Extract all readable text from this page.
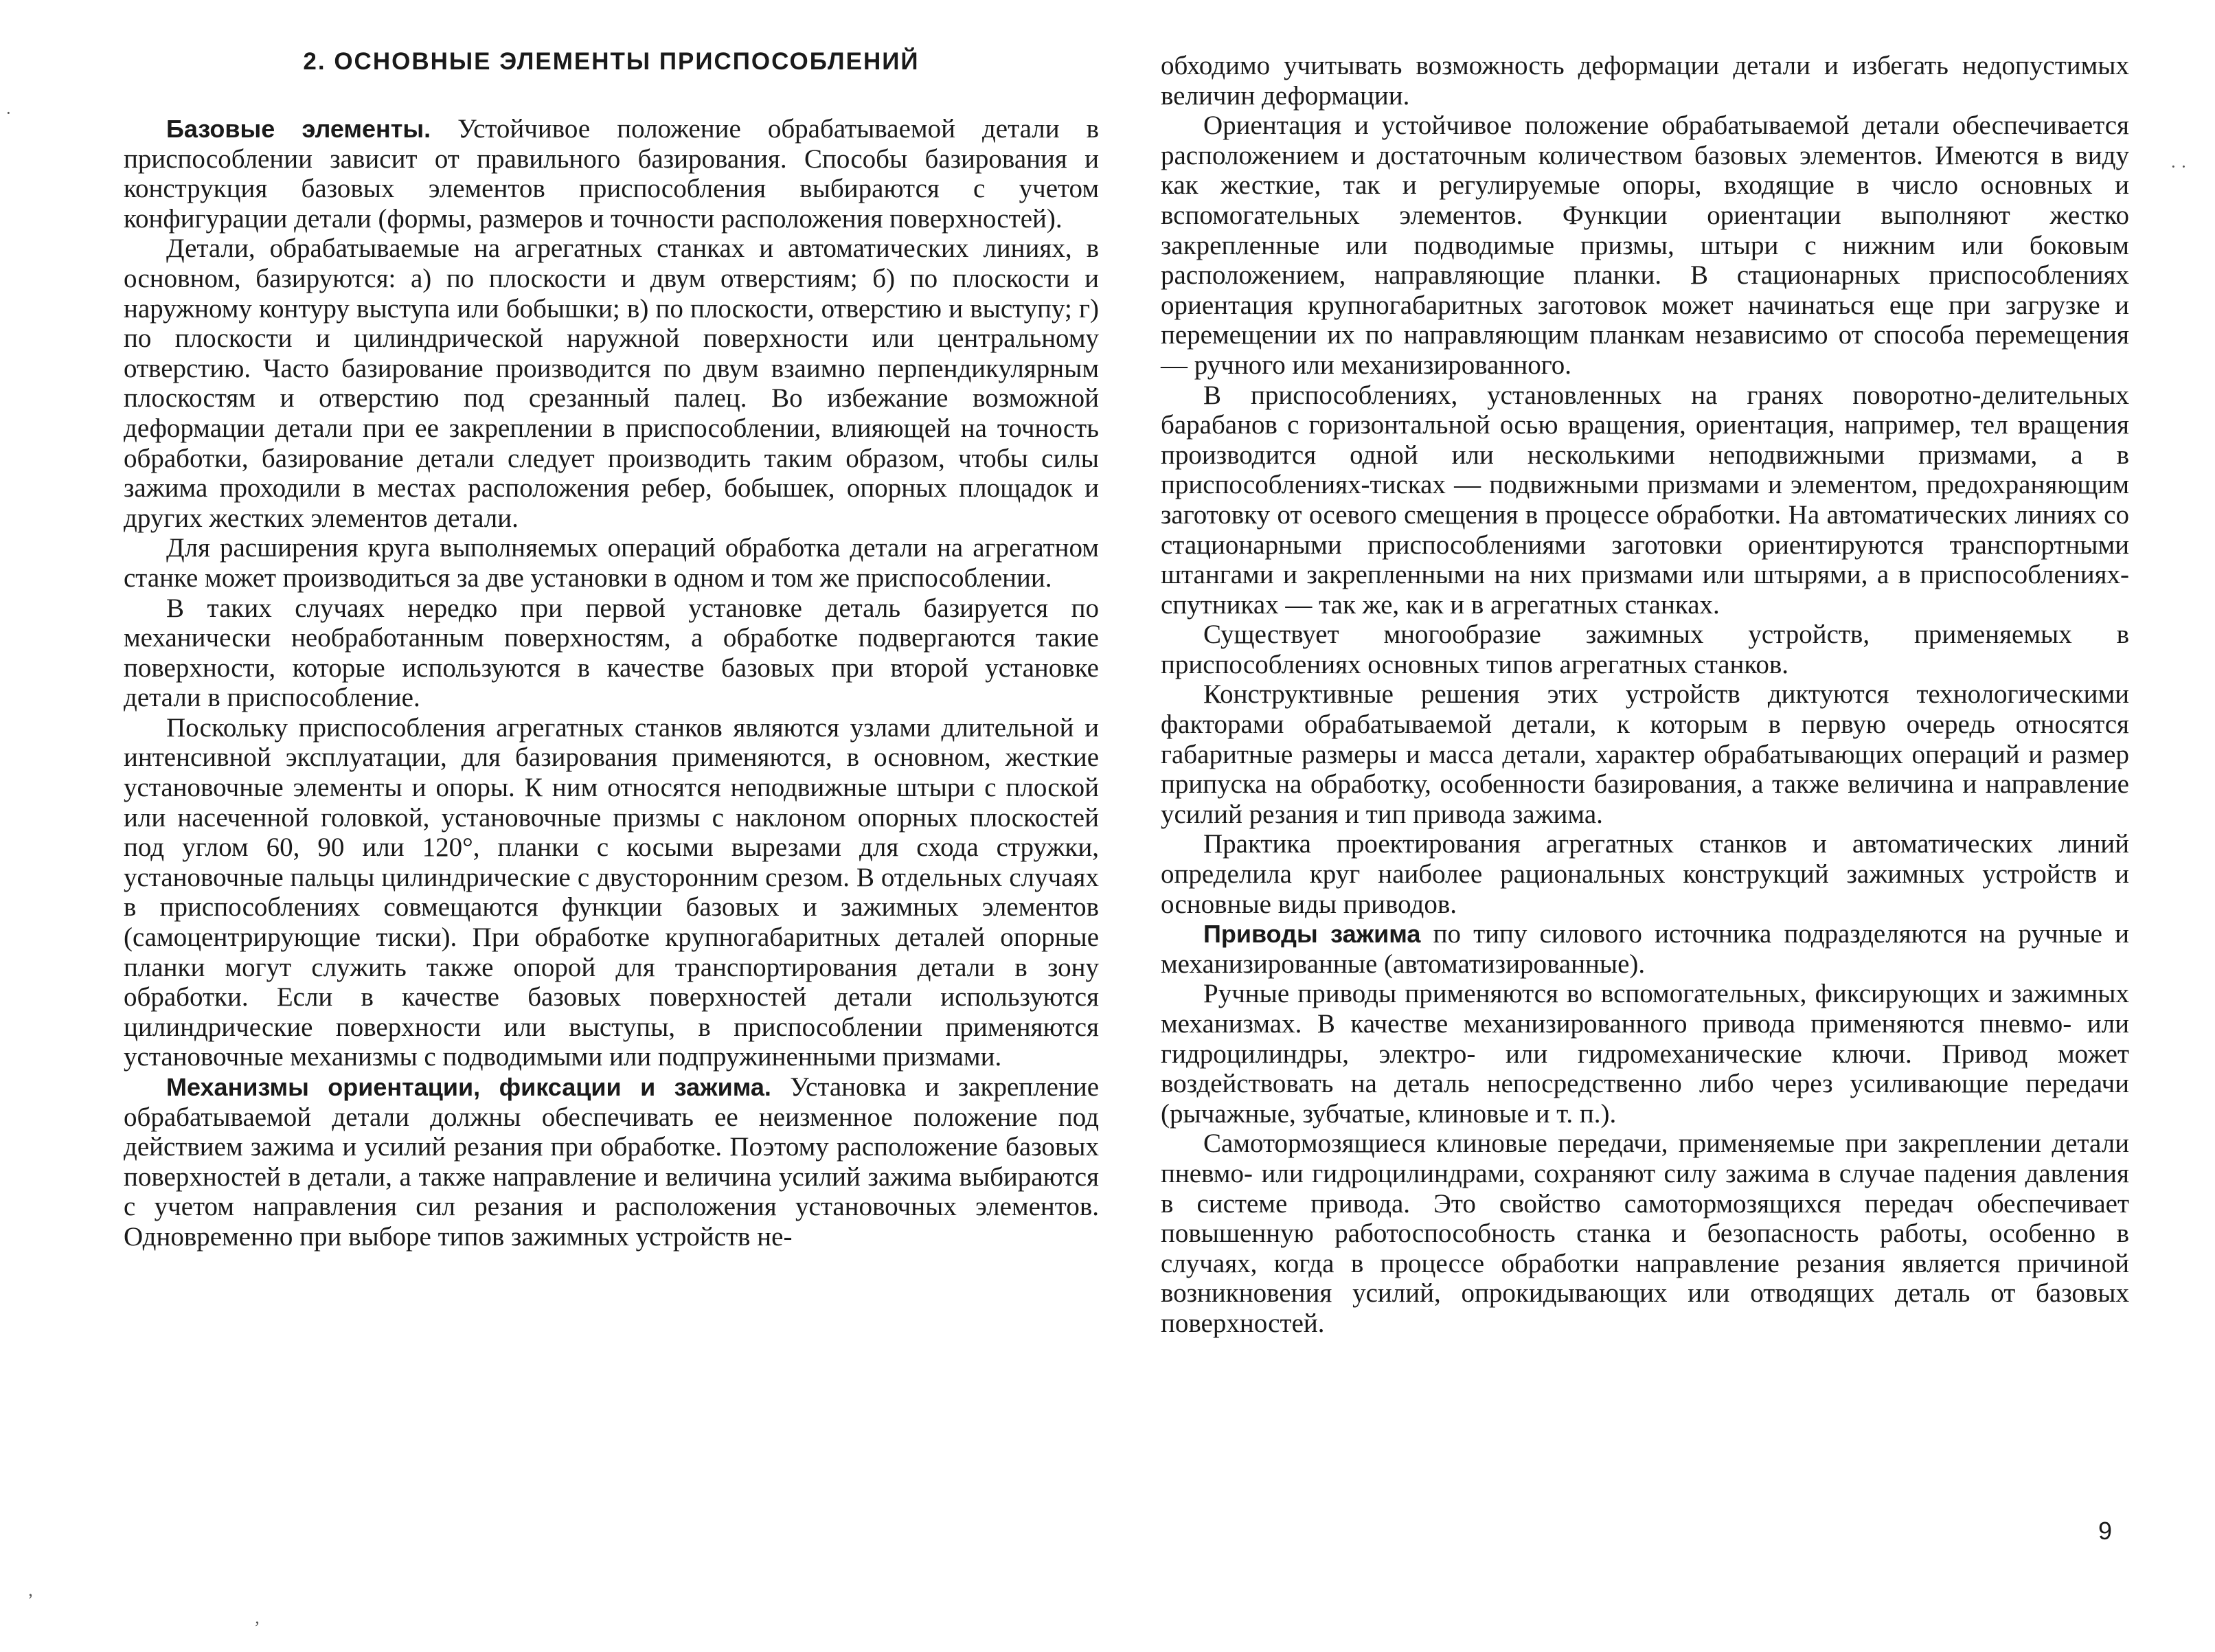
2. ОСНОВНЫЕ ЭЛЕМЕНТЫ ПРИСПОСОБЛЕНИЙ

Базовые элементы. Устойчивое положение обрабатываемой детали в приспособлении зависит от правильного базирования. Способы базирования и конструкция базовых элементов приспособления выбираются с учетом конфигурации детали (формы, размеров и точности расположения поверхностей).

Детали, обрабатываемые на агрегатных станках и автоматических линиях, в основном, базируются: а) по плоскости и двум отверстиям; б) по плоскости и наружному контуру выступа или бобышки; в) по плоскости, отверстию и выступу; г) по плоскости и цилиндрической наружной поверхности или центральному отверстию. Часто базирование производится по двум взаимно перпендикулярным плоскостям и отверстию под срезанный палец. Во избежание возможной деформации детали при ее закреплении в приспособлении, влияющей на точность обработки, базирование детали следует производить таким образом, чтобы силы зажима проходили в местах расположения ребер, бобышек, опорных площадок и других жестких элементов детали.

Для расширения круга выполняемых операций обработка детали на агрегатном станке может производиться за две установки в одном и том же приспособлении.

В таких случаях нередко при первой установке деталь базируется по механически необработанным поверхностям, а обработке подвергаются такие поверхности, которые используются в качестве базовых при второй установке детали в приспособление.

Поскольку приспособления агрегатных станков являются узлами длительной и интенсивной эксплуатации, для базирования применяются, в основном, жесткие установочные элементы и опоры. К ним относятся неподвижные штыри с плоской или насеченной головкой, установочные призмы с наклоном опорных плоскостей под углом 60, 90 или 120°, планки с косыми вырезами для схода стружки, установочные пальцы цилиндрические с двусторонним срезом. В отдельных случаях в приспособлениях совмещаются функции базовых и зажимных элементов (самоцентрирующие тиски). При обработке крупногабаритных деталей опорные планки могут служить также опорой для транспортирования детали в зону обработки. Если в качестве базовых поверхностей детали используются цилиндрические поверхности или выступы, в приспособлении применяются установочные механизмы с подводимыми или подпружиненными призмами.

Механизмы ориентации, фиксации и зажима. Установка и закрепление обрабатываемой детали должны обеспечивать ее неизменное положение под действием зажима и усилий резания при обработке. Поэтому расположение базовых поверхностей в детали, а также направление и величина усилий зажима выбираются с учетом направления сил резания и расположения установочных элементов. Одновременно при выборе типов зажимных устройств не-

обходимо учитывать возможность деформации детали и избегать недопустимых величин деформации.

Ориентация и устойчивое положение обрабатываемой детали обеспечивается расположением и достаточным количеством базовых элементов. Имеются в виду как жесткие, так и регулируемые опоры, входящие в число основных и вспомогательных элементов. Функции ориентации выполняют жестко закрепленные или подводимые призмы, штыри с нижним или боковым расположением, направляющие планки. В стационарных приспособлениях ориентация крупногабаритных заготовок может начинаться еще при загрузке и перемещении их по направляющим планкам независимо от способа перемещения — ручного или механизированного.

В приспособлениях, установленных на гранях поворотно-делительных барабанов с горизонтальной осью вращения, ориентация, например, тел вращения производится одной или несколькими неподвижными призмами, а в приспособлениях-тисках — подвижными призмами и элементом, предохраняющим заготовку от осевого смещения в процессе обработки. На автоматических линиях со стационарными приспособлениями заготовки ориентируются транспортными штангами и закрепленными на них призмами или штырями, а в приспособлениях-спутниках — так же, как и в агрегатных станках.

Существует многообразие зажимных устройств, применяемых в приспособлениях основных типов агрегатных станков.

Конструктивные решения этих устройств диктуются технологическими факторами обрабатываемой детали, к которым в первую очередь относятся габаритные размеры и масса детали, характер обрабатывающих операций и размер припуска на обработку, особенности базирования, а также величина и направление усилий резания и тип привода зажима.

Практика проектирования агрегатных станков и автоматических линий определила круг наиболее рациональных конструкций зажимных устройств и основные виды приводов.

Приводы зажима по типу силового источника подразделяются на ручные и механизированные (автоматизированные).

Ручные приводы применяются во вспомогательных, фиксирующих и зажимных механизмах. В качестве механизированного привода применяются пневмо- или гидроцилиндры, электро- или гидромеханические ключи. Привод может воздействовать на деталь непосредственно либо через усиливающие передачи (рычажные, зубчатые, клиновые и т. п.).

Самотормозящиеся клиновые передачи, применяемые при закреплении детали пневмо- или гидроцилиндрами, сохраняют силу зажима в случае падения давления в системе привода. Это свойство самотормозящихся передач обеспечивает повышенную работоспособность станка и безопасность работы, особенно в случаях, когда в процессе обработки направление резания является причиной возникновения усилий, опрокидывающих или отводящих деталь от базовых поверхностей.

9
·
· ·
‚
‚
